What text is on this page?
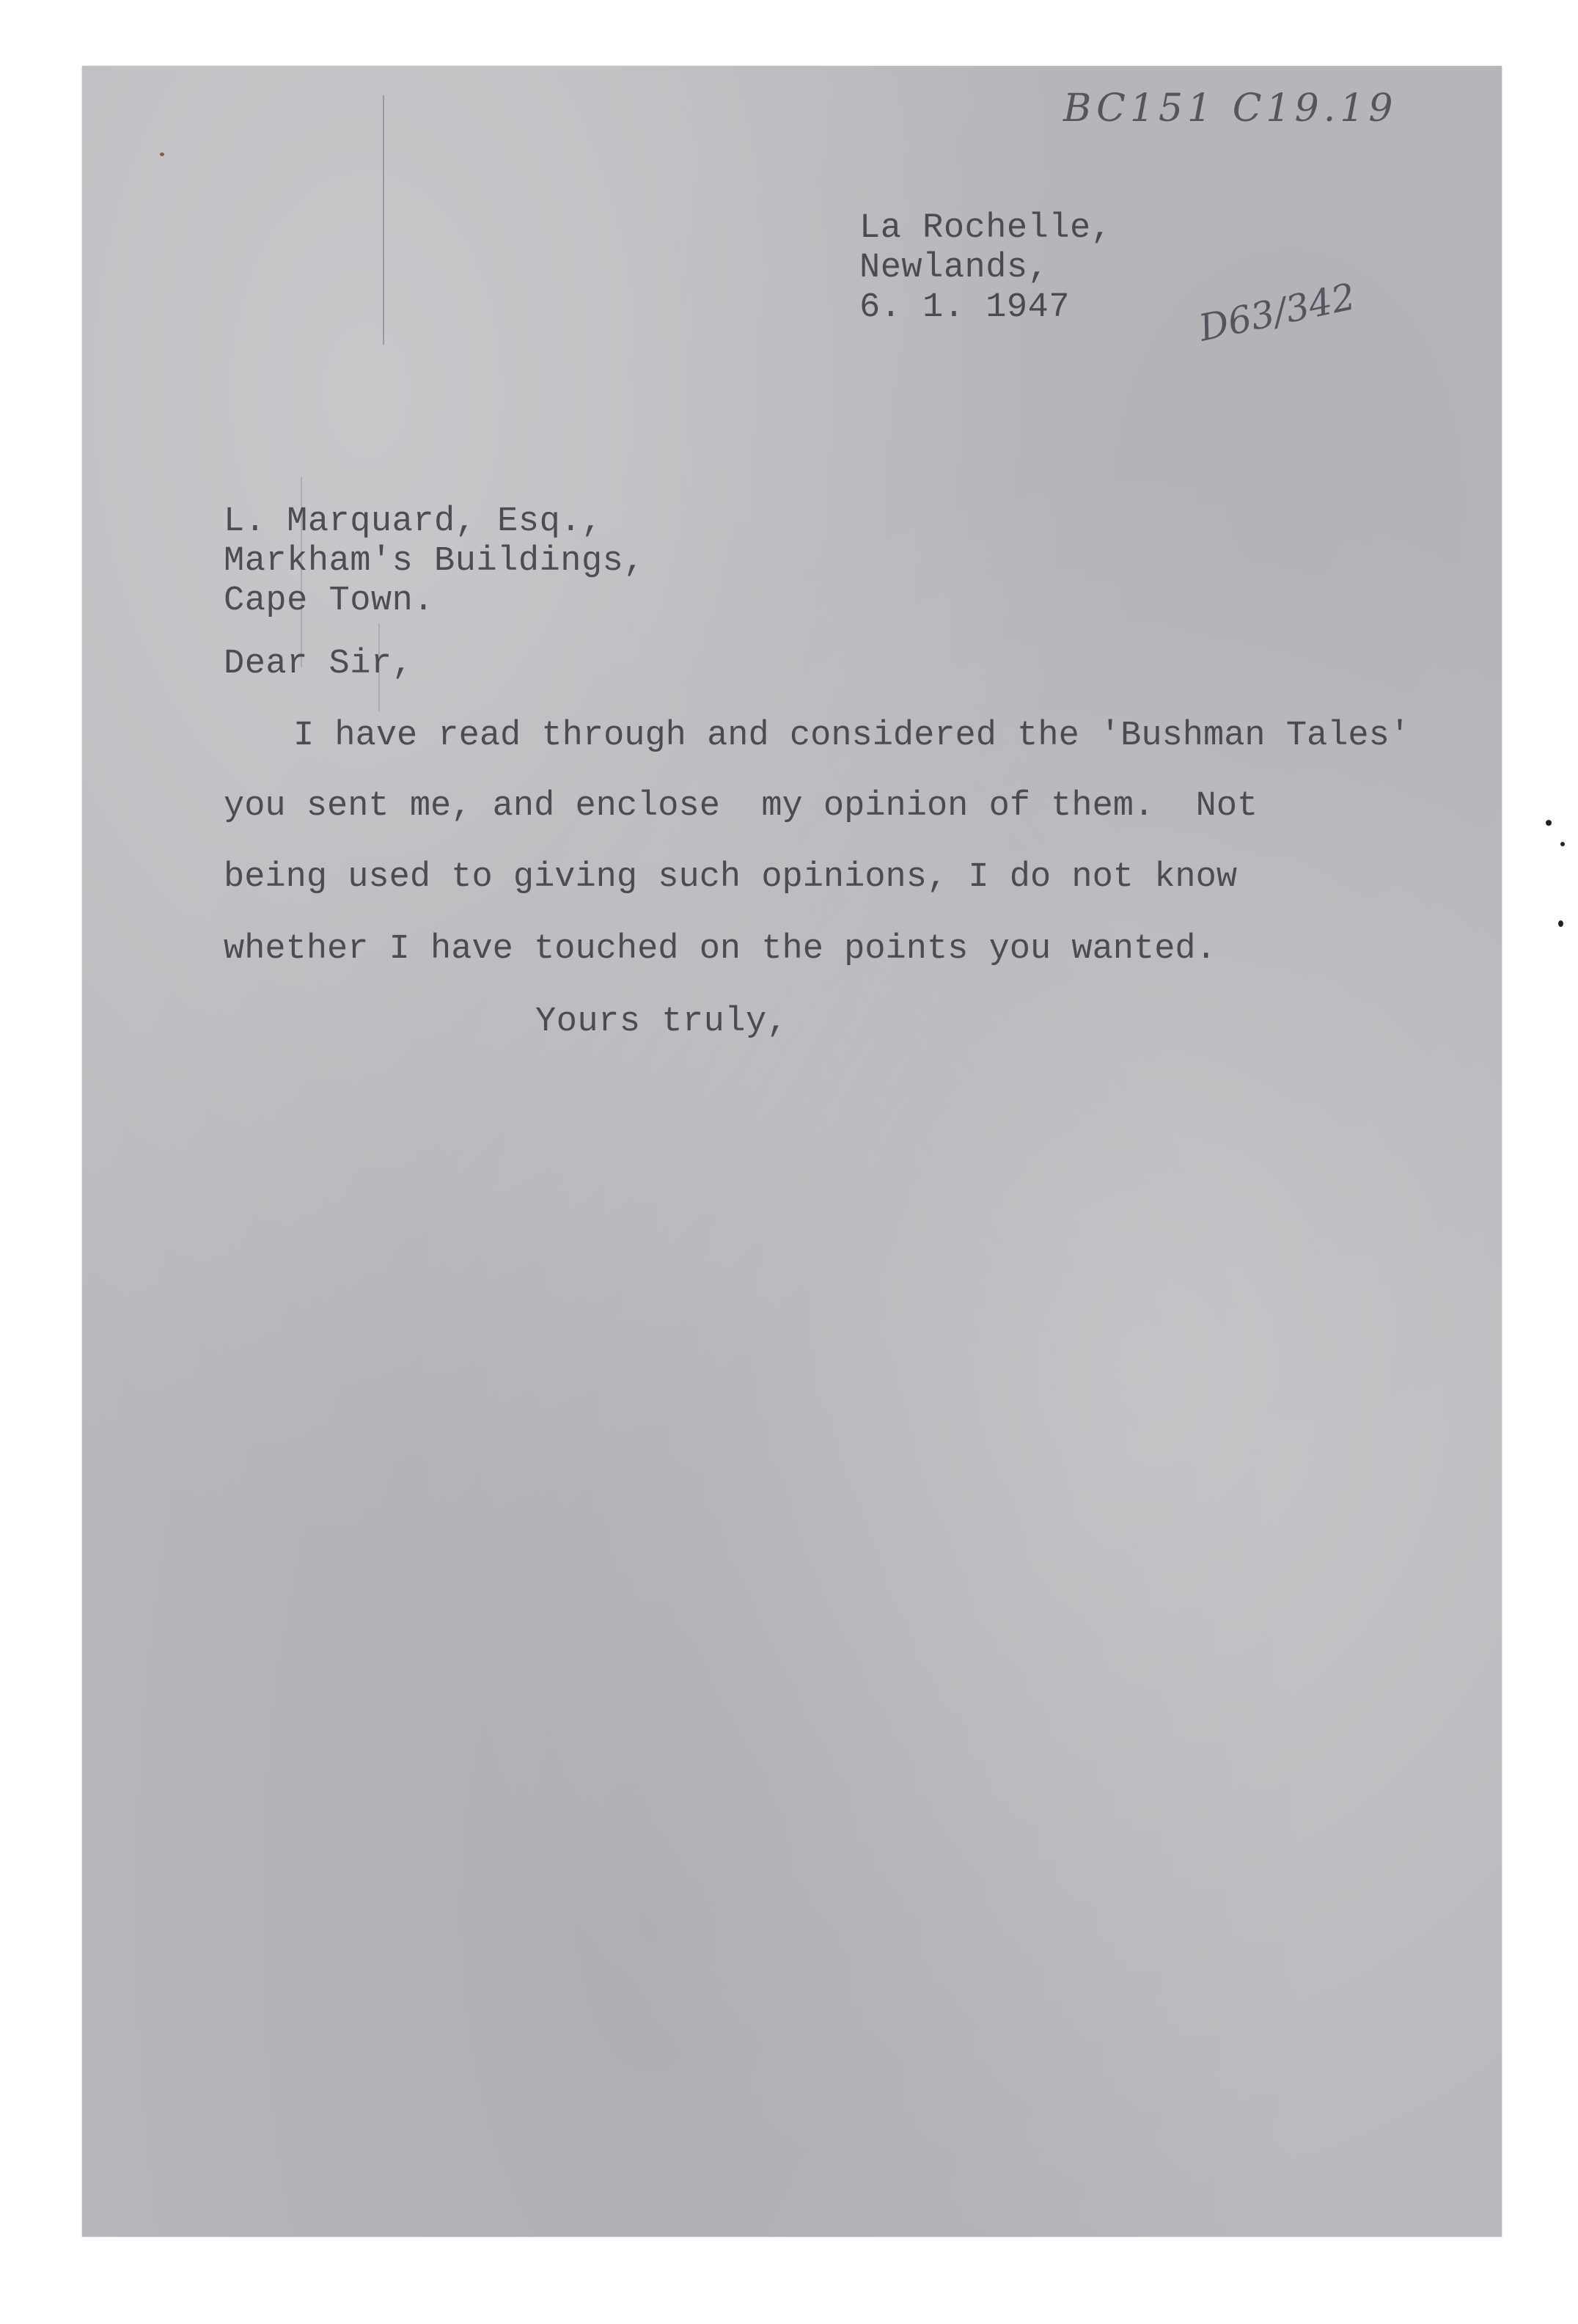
BC151 C19.19
D63/342
La Rochelle,
Newlands,
6. 1. 1947
L. Marquard, Esq.,
Markham's Buildings,
Cape Town.
Dear Sir,
I have read through and considered the 'Bushman Tales'
you sent me, and enclose  my opinion of them.  Not
being used to giving such opinions, I do not know
whether I have touched on the points you wanted.
Yours truly,
